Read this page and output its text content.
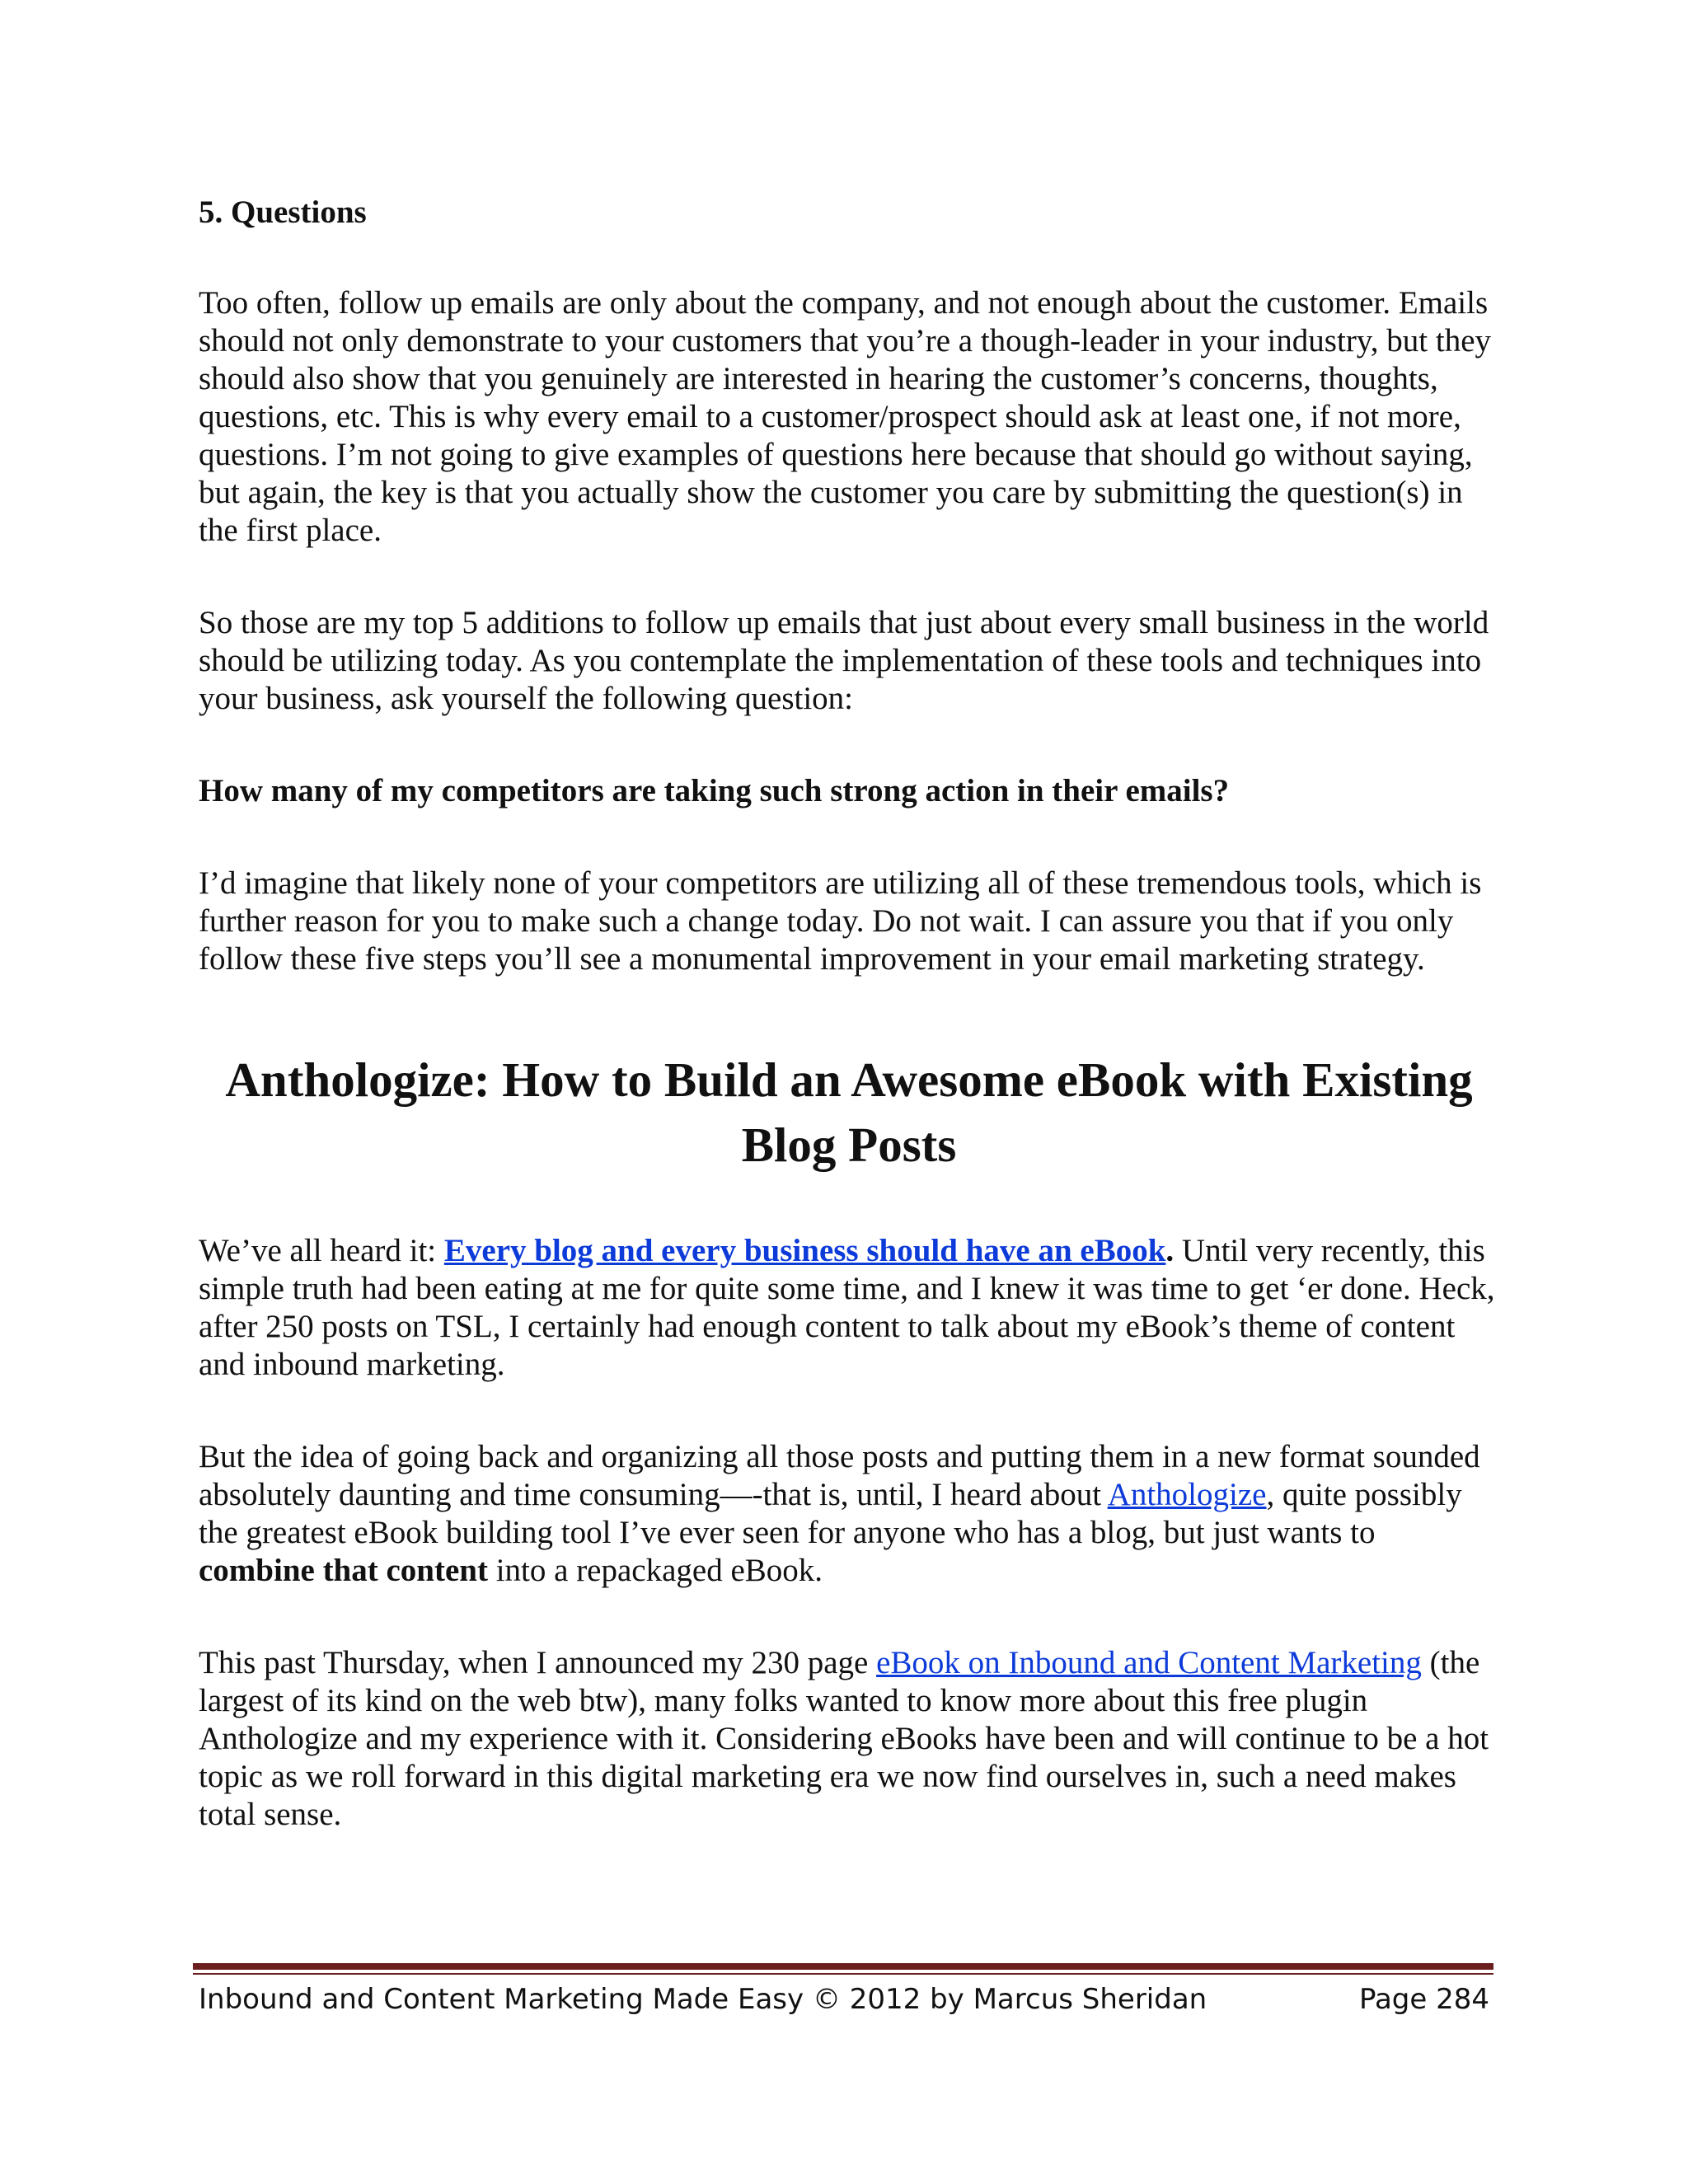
5. Questions

Too often, follow up emails are only about the company, and not enough about the customer. Emails should not only demonstrate to your customers that you’re a though-leader in your industry, but they should also show that you genuinely are interested in hearing the customer’s concerns, thoughts, questions, etc. This is why every email to a customer/prospect should ask at least one, if not more, questions. I’m not going to give examples of questions here because that should go without saying, but again, the key is that you actually show the customer you care by submitting the question(s) in the first place.

So those are my top 5 additions to follow up emails that just about every small business in the world should be utilizing today. As you contemplate the implementation of these tools and techniques into your business, ask yourself the following question:

How many of my competitors are taking such strong action in their emails?

I’d imagine that likely none of your competitors are utilizing all of these tremendous tools, which is further reason for you to make such a change today. Do not wait. I can assure you that if you only follow these five steps you’ll see a monumental improvement in your email marketing strategy.

Anthologize: How to Build an Awesome eBook with Existing Blog Posts

We’ve all heard it: Every blog and every business should have an eBook. Until very recently, this simple truth had been eating at me for quite some time, and I knew it was time to get ‘er done. Heck, after 250 posts on TSL, I certainly had enough content to talk about my eBook’s theme of content and inbound marketing.

But the idea of going back and organizing all those posts and putting them in a new format sounded absolutely daunting and time consuming—-that is, until, I heard about Anthologize, quite possibly the greatest eBook building tool I’ve ever seen for anyone who has a blog, but just wants to combine that content into a repackaged eBook.

This past Thursday, when I announced my 230 page eBook on Inbound and Content Marketing (the largest of its kind on the web btw), many folks wanted to know more about this free plugin Anthologize and my experience with it. Considering eBooks have been and will continue to be a hot topic as we roll forward in this digital marketing era we now find ourselves in, such a need makes total sense.

Inbound and Content Marketing Made Easy © 2012 by Marcus Sheridan	Page 284
